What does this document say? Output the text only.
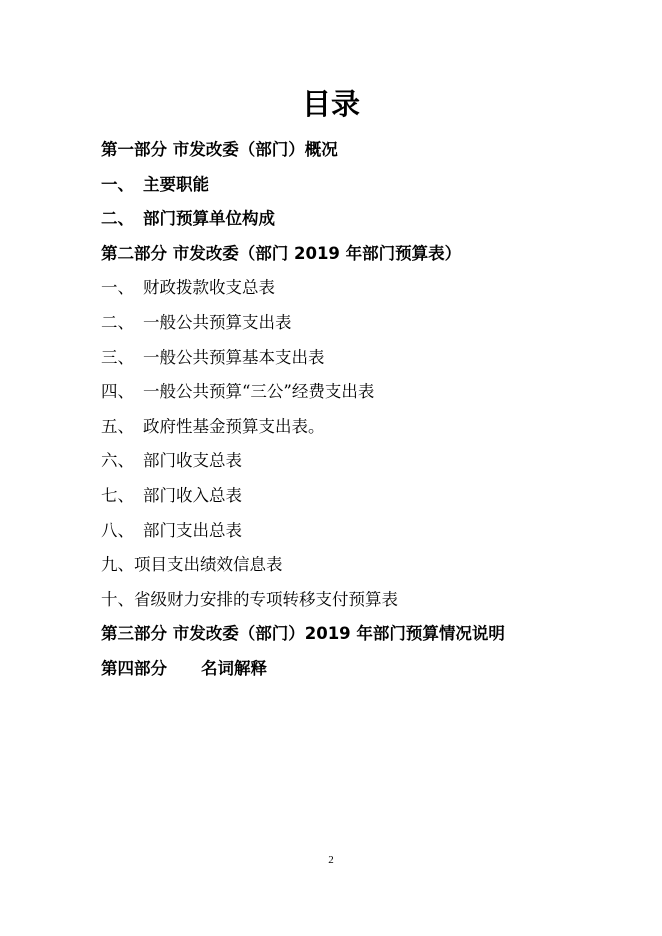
目录
第一部分 市发改委（部门）概况
一、 主要职能
二、 部门预算单位构成
第二部分 市发改委（部门 2019 年部门预算表）
一、 财政拨款收支总表
二、 一般公共预算支出表
三、 一般公共预算基本支出表
四、 一般公共预算“三公”经费支出表
五、 政府性基金预算支出表。
六、 部门收支总表
七、 部门收入总表
八、 部门支出总表
九、项目支出绩效信息表
十、省级财力安排的专项转移支付预算表
第三部分 市发改委（部门）2019 年部门预算情况说明
第四部分 名词解释
2
